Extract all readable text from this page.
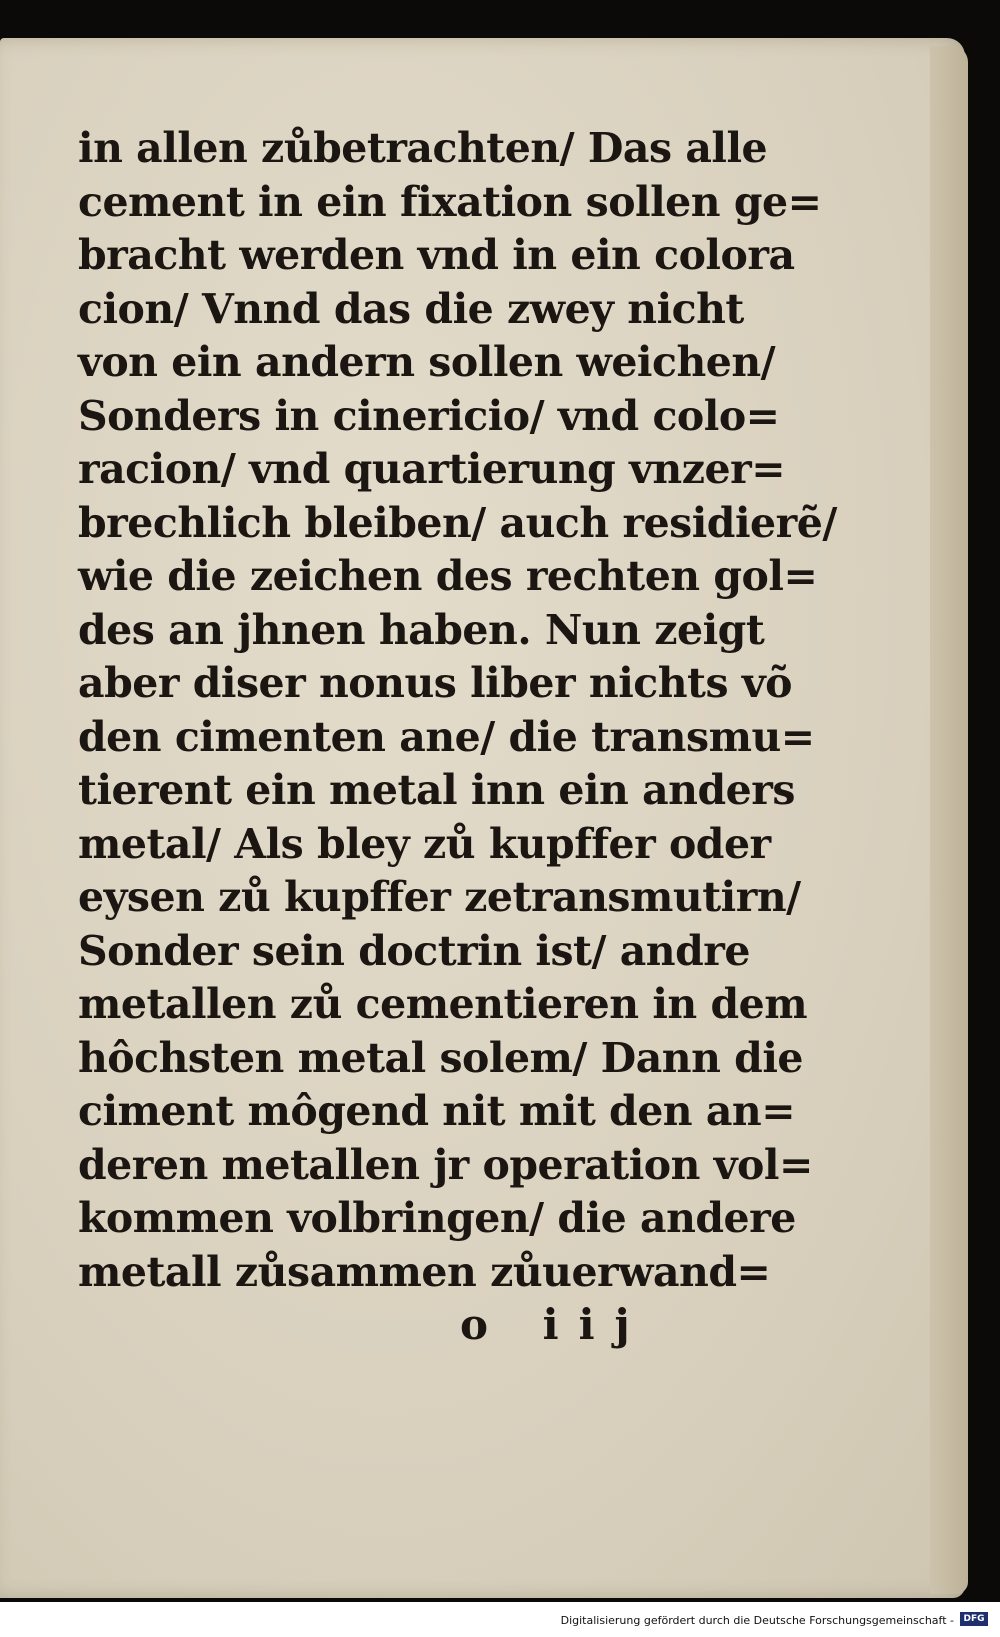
in allen zůbetrachten/ Das alle
cement in ein fixation sollen ge=
bracht werden vnd in ein colora
cion/ Vnnd das die zwey nicht
von ein andern sollen weichen/
Sonders in cinericio/ vnd colo=
racion/ vnd quartierung vnzer=
brechlich bleiben/ auch residierẽ/
wie die zeichen des rechten gol=
des an jhnen haben. Nun zeigt
aber diser nonus liber nichts võ
den cimenten ane/ die transmu=
tierent ein metal inn ein anders
metal/ Als bley zů kupffer oder
eysen zů kupffer zetransmutirn/
Sonder sein doctrin ist/ andre
metallen zů cementieren in dem
hôchsten metal solem/ Dann die
ciment môgend nit mit den an=
deren metallen jr operation vol=
kommen volbringen/ die andere
metall zůsammen zůuerwand=
o iij
Digitalisierung gefördert durch die Deutsche Forschungsgemeinschaft -	DFG
